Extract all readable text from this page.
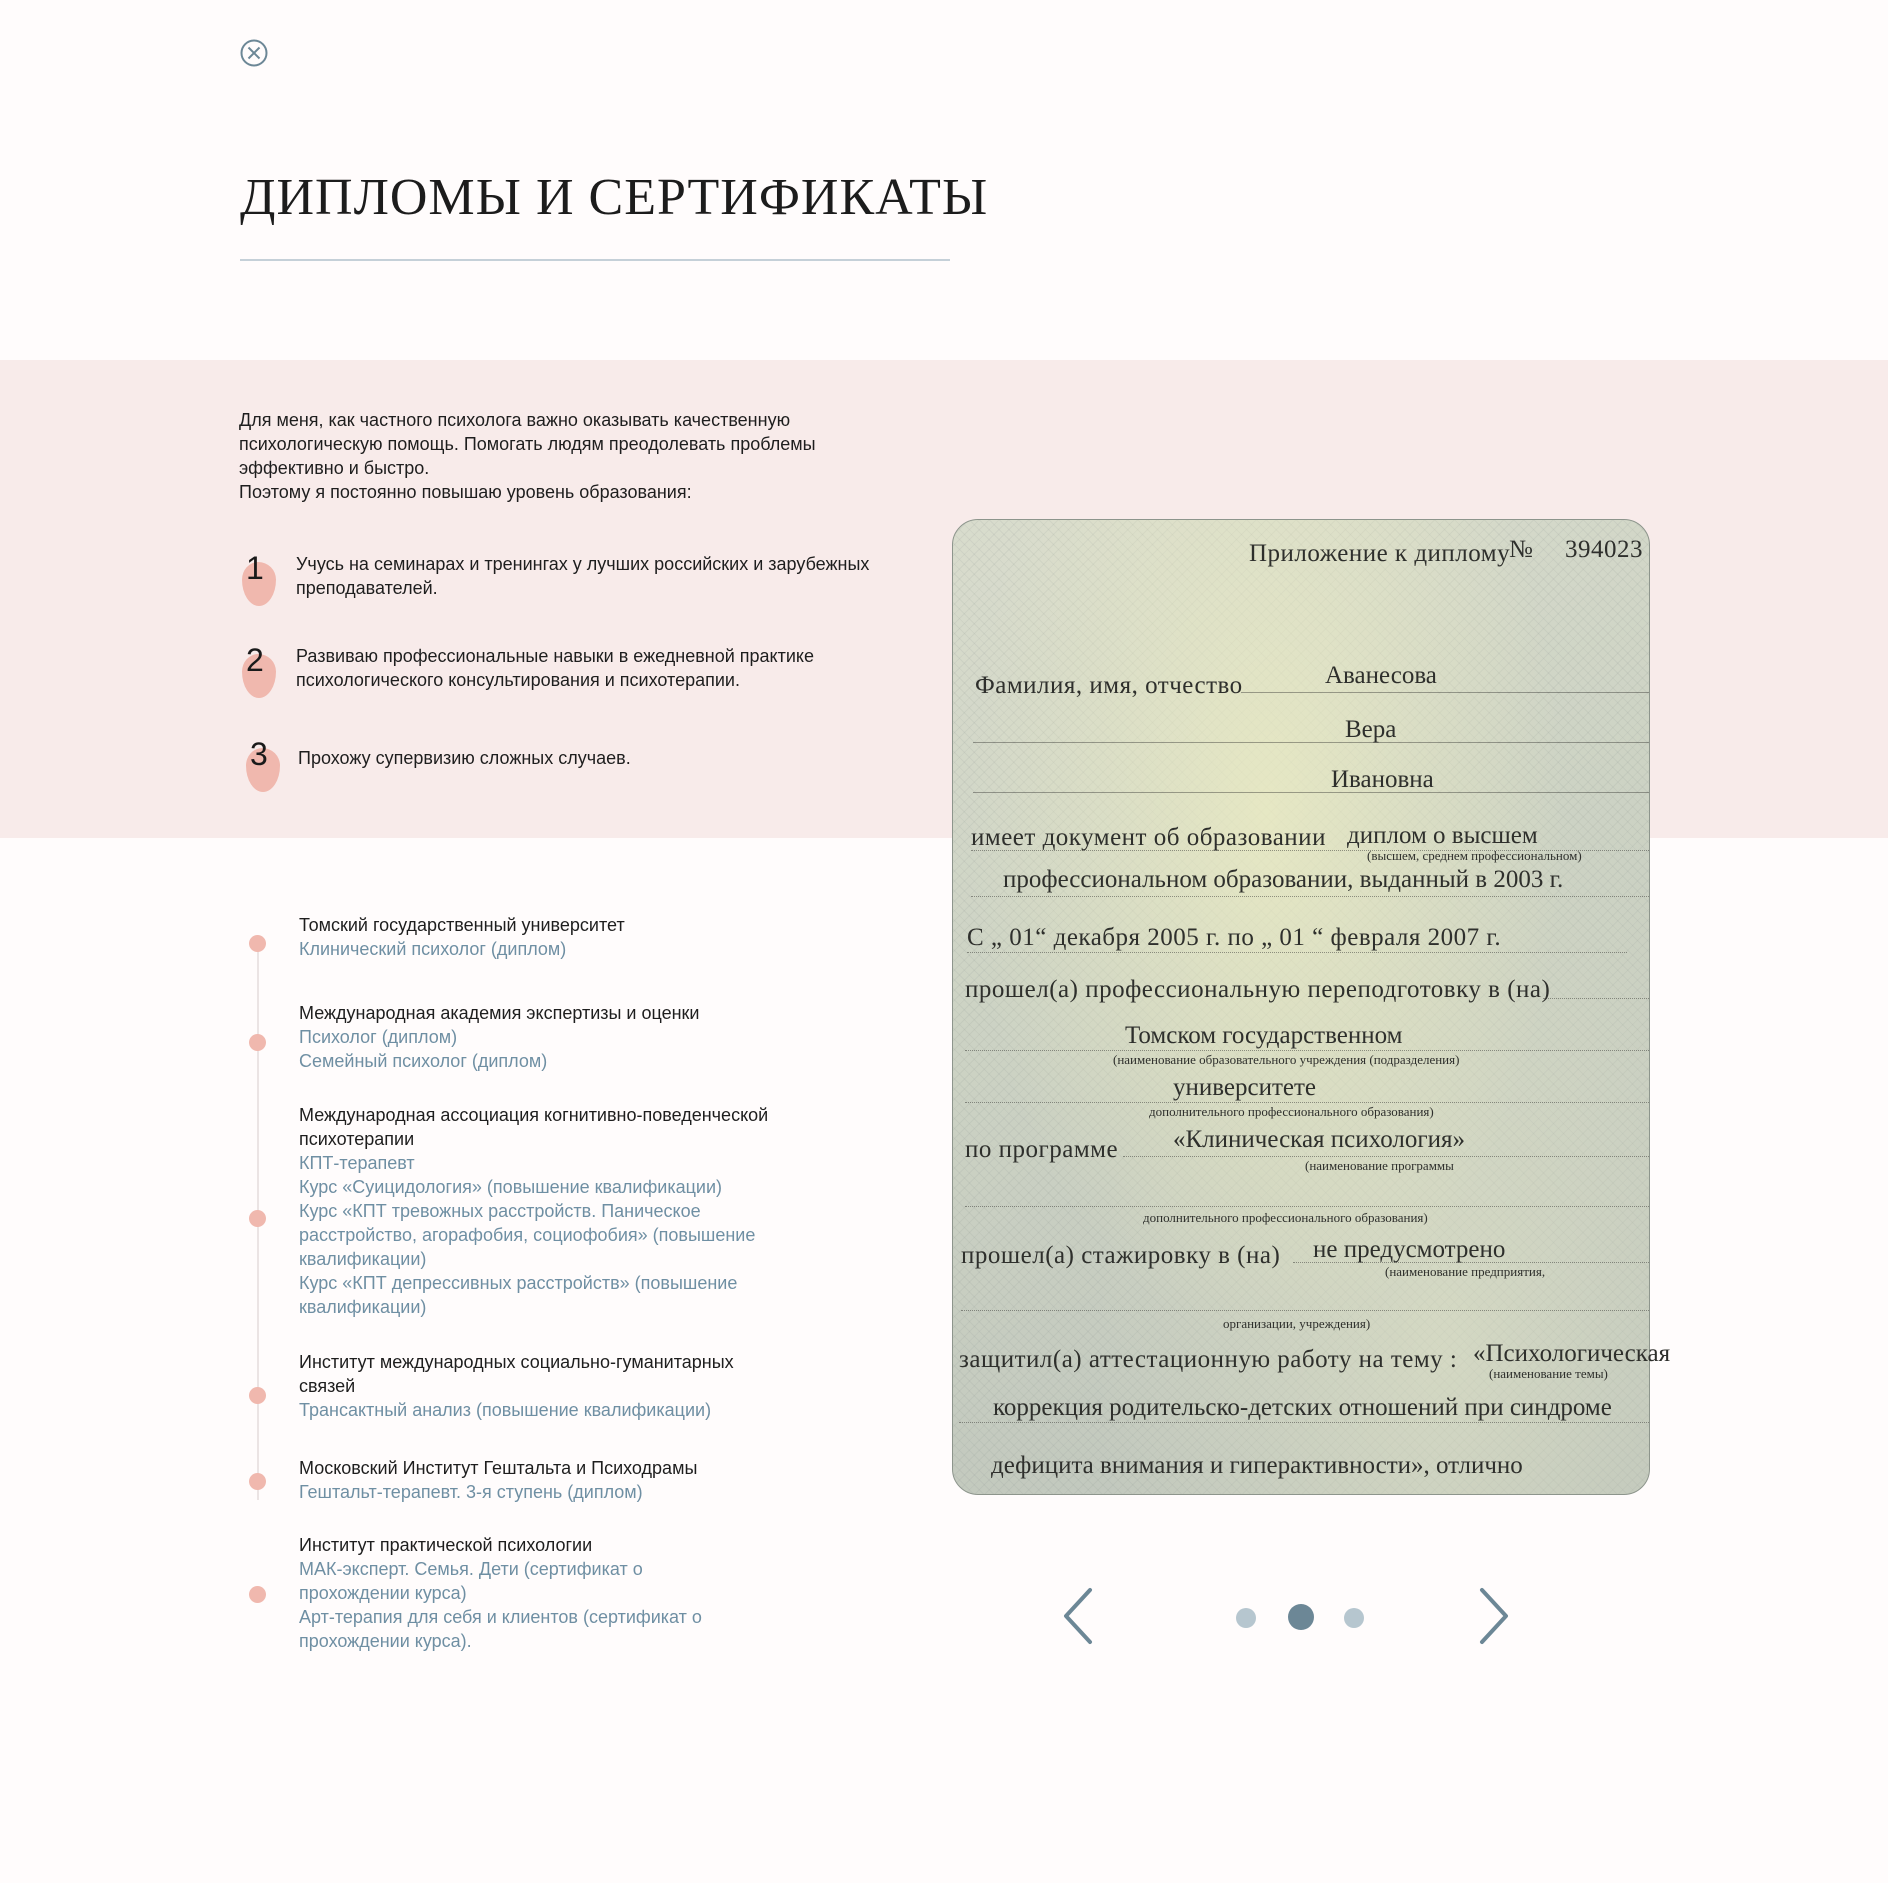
ДИПЛОМЫ И СЕРТИФИКАТЫ

Для меня, как частного психолога важно оказывать качественную психологическую помощь. Помогать людям преодолевать проблемы эффективно и быстро.

Поэтому я постоянно повышаю уровень образования:

1 Учусь на семинарах и тренингах у лучших российских и зарубежных преподавателей.
2 Развиваю профессиональные навыки в ежедневной практике психологического консультирования и психотерапии.
3 Прохожу супервизию сложных случаев.
Томский государственный университет
Клинический психолог (диплом)
Международная академия экспертизы и оценки
Психолог (диплом)
Семейный психолог (диплом)
Международная ассоциация когнитивно-поведенческой психотерапии
КПТ-терапевт
Курс «Суицидология» (повышение квалификации)
Курс «КПТ тревожных расстройств. Паническое расстройство, агорафобия, социофобия» (повышение квалификации)
Курс «КПТ депрессивных расстройств» (повышение квалификации)
Институт международных социально-гуманитарных связей
Трансактный анализ (повышение квалификации)
Московский Институт Гештальта и Психодрамы
Гештальт-терапевт. 3-я ступень (диплом)
Институт практической психологии
МАК-эксперт. Семья. Дети (сертификат о прохождении курса)
Арт-терапия для себя и клиентов (сертификат о прохождении курса).
Приложение к диплому
№ 394023
Фамилия, имя, отчество	Аванесова
Вера
Ивановна
имеет документ об образовании диплом о высшем
(высшем, среднем профессиональном)
профессиональном образовании, выданный в 2003 г.
С „ 01“ декабря 2005 г. по „ 01 “ февраля 2007 г.
прошел(а) профессиональную переподготовку в (на)
Томском государственном
(наименование образовательного учреждения (подразделения)
университете
дополнительного профессионального образования)
по программе «Клиническая психология»
(наименование программы
дополнительного профессионального образования)
прошел(а) стажировку в (на) не предусмотрено
(наименование предприятия,
организации, учреждения)
защитил(а) аттестационную работу на тему : «Психологическая
(наименование темы)
коррекция родительско-детских отношений при синдроме
дефицита внимания и гиперактивности», отлично
